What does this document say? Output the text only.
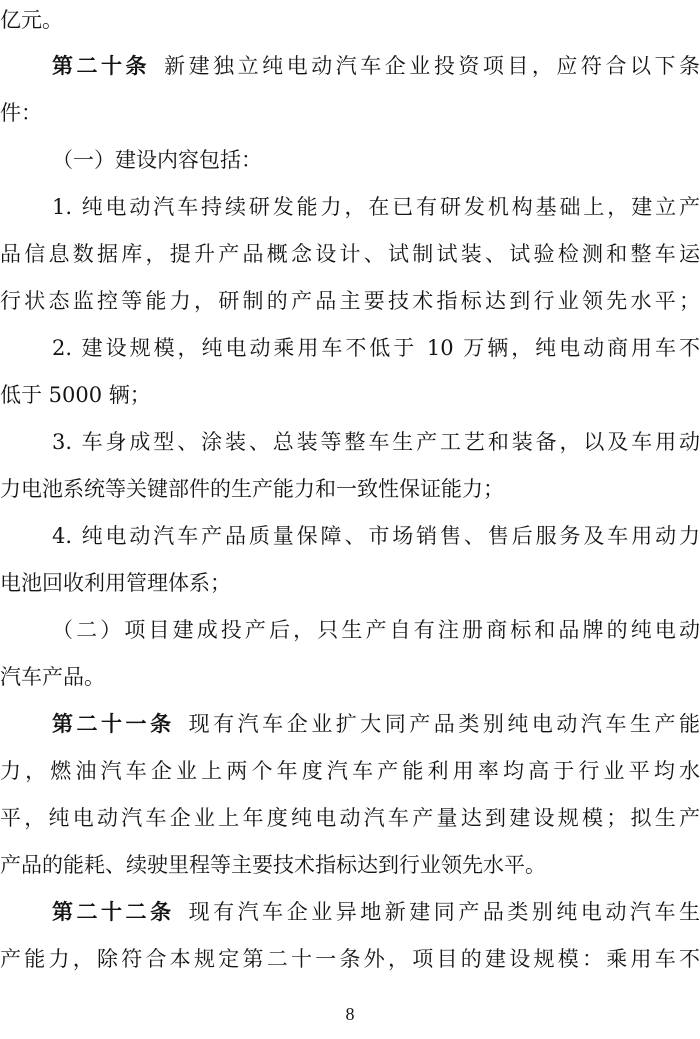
亿元。
第二十条 新建独立纯电动汽车企业投资项目，应符合以下条
件：
（一）建设内容包括：
1. 纯电动汽车持续研发能力，在已有研发机构基础上，建立产
品信息数据库，提升产品概念设计、试制试装、试验检测和整车运
行状态监控等能力，研制的产品主要技术指标达到行业领先水平；
2. 建设规模，纯电动乘用车不低于 10 万辆，纯电动商用车不
低于 5000 辆；
3. 车身成型、涂装、总装等整车生产工艺和装备，以及车用动
力电池系统等关键部件的生产能力和一致性保证能力；
4. 纯电动汽车产品质量保障、市场销售、售后服务及车用动力
电池回收利用管理体系；
（二）项目建成投产后，只生产自有注册商标和品牌的纯电动
汽车产品。
第二十一条 现有汽车企业扩大同产品类别纯电动汽车生产能
力，燃油汽车企业上两个年度汽车产能利用率均高于行业平均水
平，纯电动汽车企业上年度纯电动汽车产量达到建设规模；拟生产
产品的能耗、续驶里程等主要技术指标达到行业领先水平。
第二十二条 现有汽车企业异地新建同产品类别纯电动汽车生
产能力，除符合本规定第二十一条外，项目的建设规模：乘用车不
8
